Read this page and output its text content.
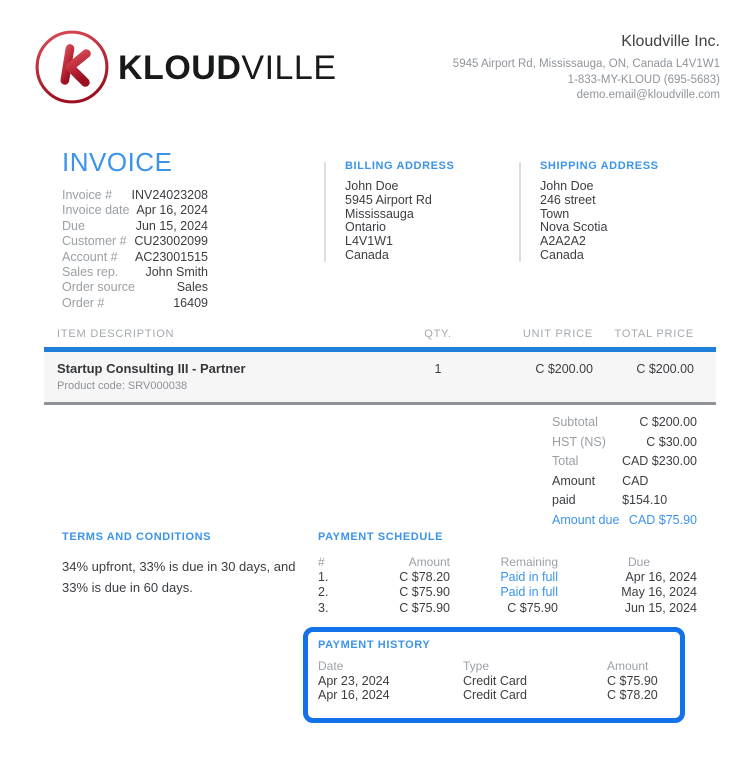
KLOUDVILLE
Kloudville Inc.
5945 Airport Rd, Mississauga, ON, Canada L4V1W1
1-833-MY-KLOUD (695-5683)
demo.email@kloudville.com
INVOICE
Invoice # INV24023208
Invoice date Apr 16, 2024
Due	Jun 15, 2024
Customer # CU23002099
Account # AC23001515
Sales rep. John Smith
Order source	Sales
Order #	16409
BILLING ADDRESS
John Doe
5945 Airport Rd
Mississauga
Ontario
L4V1W1
Canada
SHIPPING ADDRESS
John Doe
246 street
Town
Nova Scotia
A2A2A2
Canada
ITEM DESCRIPTION	QTY.	UNIT PRICE	TOTAL PRICE
Startup Consulting III - Partner
Product code: SRV000038
1	C $200.00	C $200.00
Subtotal	C $200.00
HST (NS)	C $30.00
Total	CAD $230.00
Amount paid
CAD $154.10
Amount due CAD $75.90
TERMS AND CONDITIONS
34% upfront, 33% is due in 30 days, and
33% is due in 60 days.
PAYMENT SCHEDULE
#	Amount	Remaining	Due
1.	C $78.20	Paid in full	Apr 16, 2024
2.	C $75.90	Paid in full	May 16, 2024
3.	C $75.90	C $75.90	Jun 15, 2024
PAYMENT HISTORY
Date	Type	Amount
Apr 23, 2024	Credit Card	C $75.90
Apr 16, 2024	Credit Card	C $78.20
